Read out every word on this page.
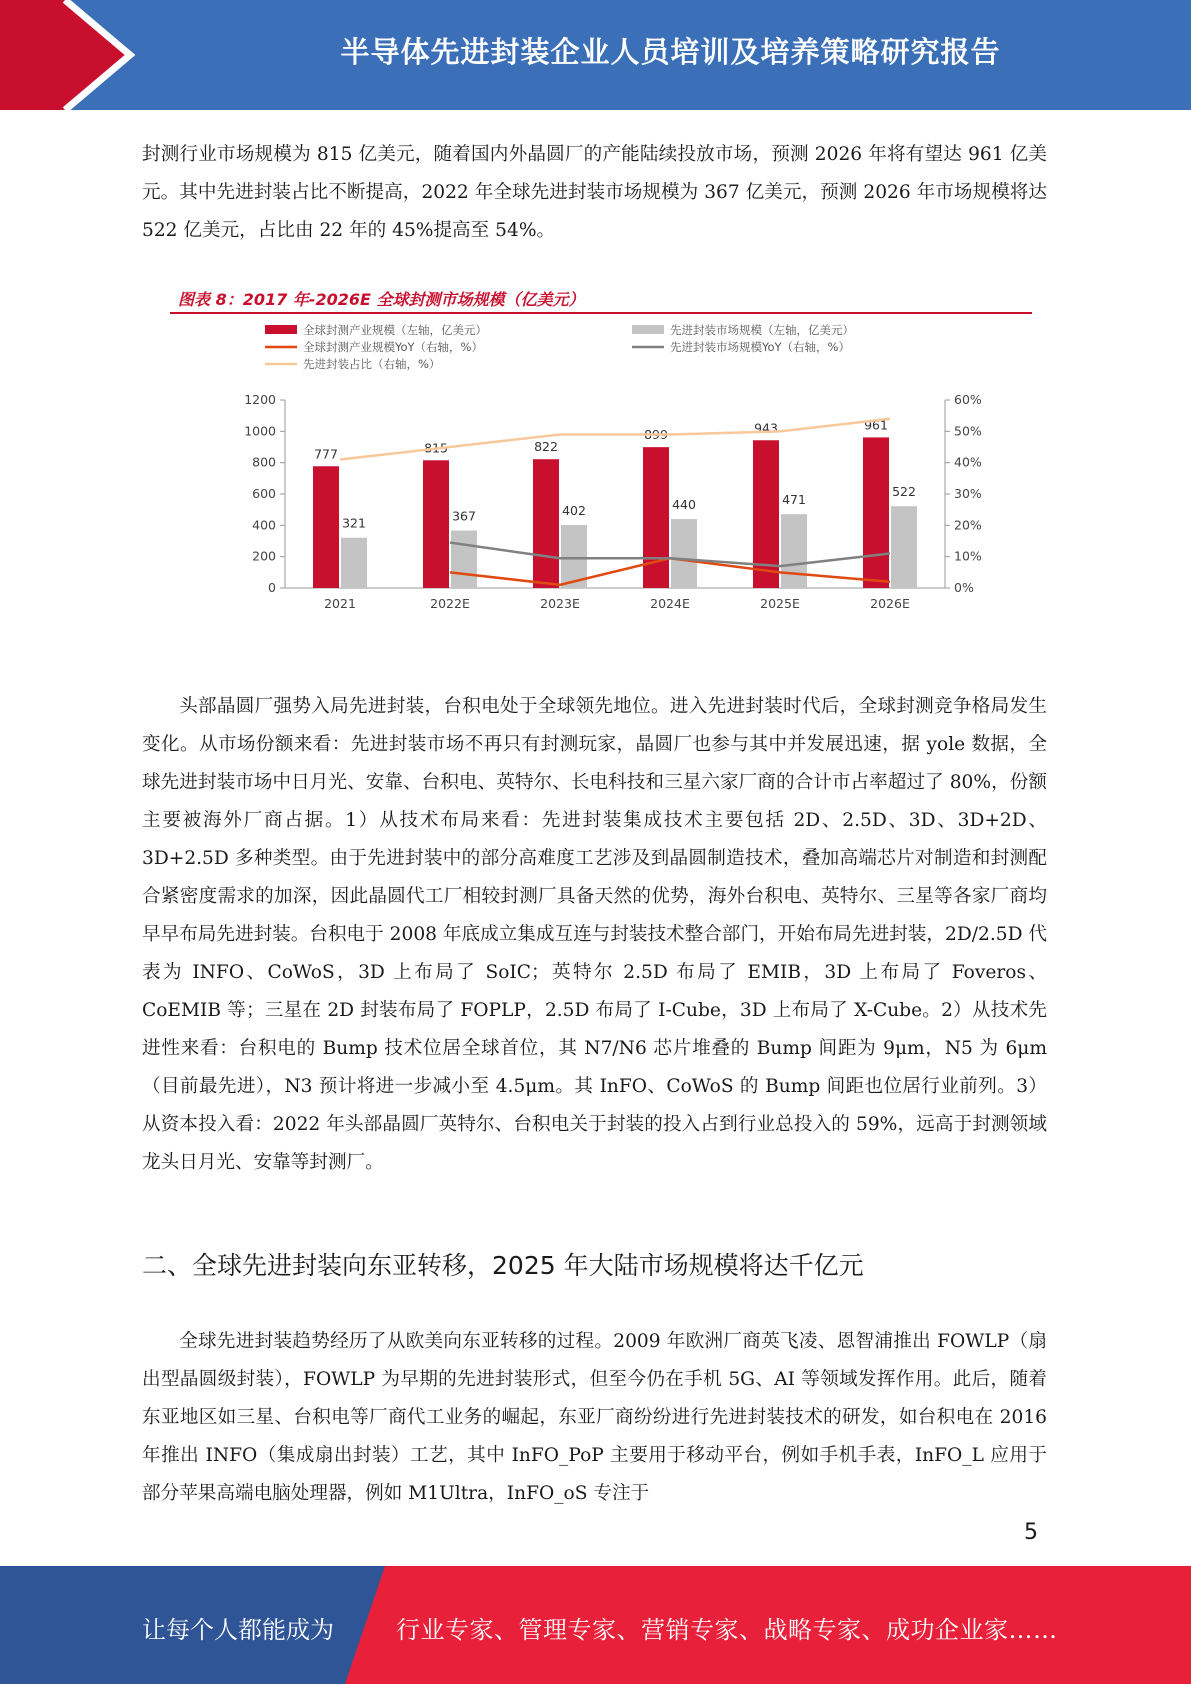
半导体先进封装企业人员培训及培养策略研究报告

封测行业市场规模为 815 亿美元，随着国内外晶圆厂的产能陆续投放市场，预测 2026 年将有望达 961 亿美元。其中先进封装占比不断提高，2022 年全球先进封装市场规模为 367 亿美元，预测 2026 年市场规模将达 522 亿美元，占比由 22 年的 45%提高至 54%。

图表 8：2017 年-2026E 全球封测市场规模（亿美元）
0
200
400
600
800
1000
1200
0%
10%
20%
30%
40%
50%
60%
2021	2022E	2023E	2024E	2025E	2026E
777	815	822
899	943	961
321	367	402	440	471
522
全球封测产业规模（左轴，亿美元）	先进封装市场规模（左轴，亿美元）
全球封测产业规模YoY（右轴，%）	先进封装市场规模YoY（右轴，%）
先进封装占比（右轴，%）

头部晶圆厂强势入局先进封装，台积电处于全球领先地位。进入先进封装时代后，全球封测竞争格局发生变化。从市场份额来看：先进封装市场不再只有封测玩家，晶圆厂也参与其中并发展迅速，据 yole 数据，全球先进封装市场中日月光、安靠、台积电、英特尔、长电科技和三星六家厂商的合计市占率超过了 80%，份额主要被海外厂商占据。1）从技术布局来看：先进封装集成技术主要包括 2D、2.5D、3D、3D+2D、3D+2.5D 多种类型。由于先进封装中的部分高难度工艺涉及到晶圆制造技术，叠加高端芯片对制造和封测配合紧密度需求的加深，因此晶圆代工厂相较封测厂具备天然的优势，海外台积电、英特尔、三星等各家厂商均早早布局先进封装。台积电于 2008 年底成立集成互连与封装技术整合部门，开始布局先进封装，2D/2.5D 代表为 INFO、CoWoS，3D 上布局了 SoIC；英特尔 2.5D 布局了 EMIB，3D 上布局了 Foveros、CoEMIB 等；三星在 2D 封装布局了 FOPLP，2.5D 布局了 I-Cube，3D 上布局了 X-Cube。2）从技术先进性来看：台积电的 Bump 技术位居全球首位，其 N7/N6 芯片堆叠的 Bump 间距为 9μm，N5 为 6μm（目前最先进），N3 预计将进一步减小至 4.5μm。其 InFO、CoWoS 的 Bump 间距也位居行业前列。3）从资本投入看：2022 年头部晶圆厂英特尔、台积电关于封装的投入占到行业总投入的 59%，远高于封测领域龙头日月光、安靠等封测厂。

二、全球先进封装向东亚转移，2025 年大陆市场规模将达千亿元

全球先进封装趋势经历了从欧美向东亚转移的过程。2009 年欧洲厂商英飞凌、恩智浦推出 FOWLP（扇出型晶圆级封装），FOWLP 为早期的先进封装形式，但至今仍在手机 5G、AI 等领域发挥作用。此后，随着东亚地区如三星、台积电等厂商代工业务的崛起，东亚厂商纷纷进行先进封装技术的研发，如台积电在 2016 年推出 INFO（集成扇出封装）工艺，其中 InFO_PoP 主要用于移动平台，例如手机手表，InFO_L 应用于部分苹果高端电脑处理器，例如 M1Ultra，InFO_oS 专注于

5
让每个人都能成为	行业专家、管理专家、营销专家、战略专家、成功企业家……
